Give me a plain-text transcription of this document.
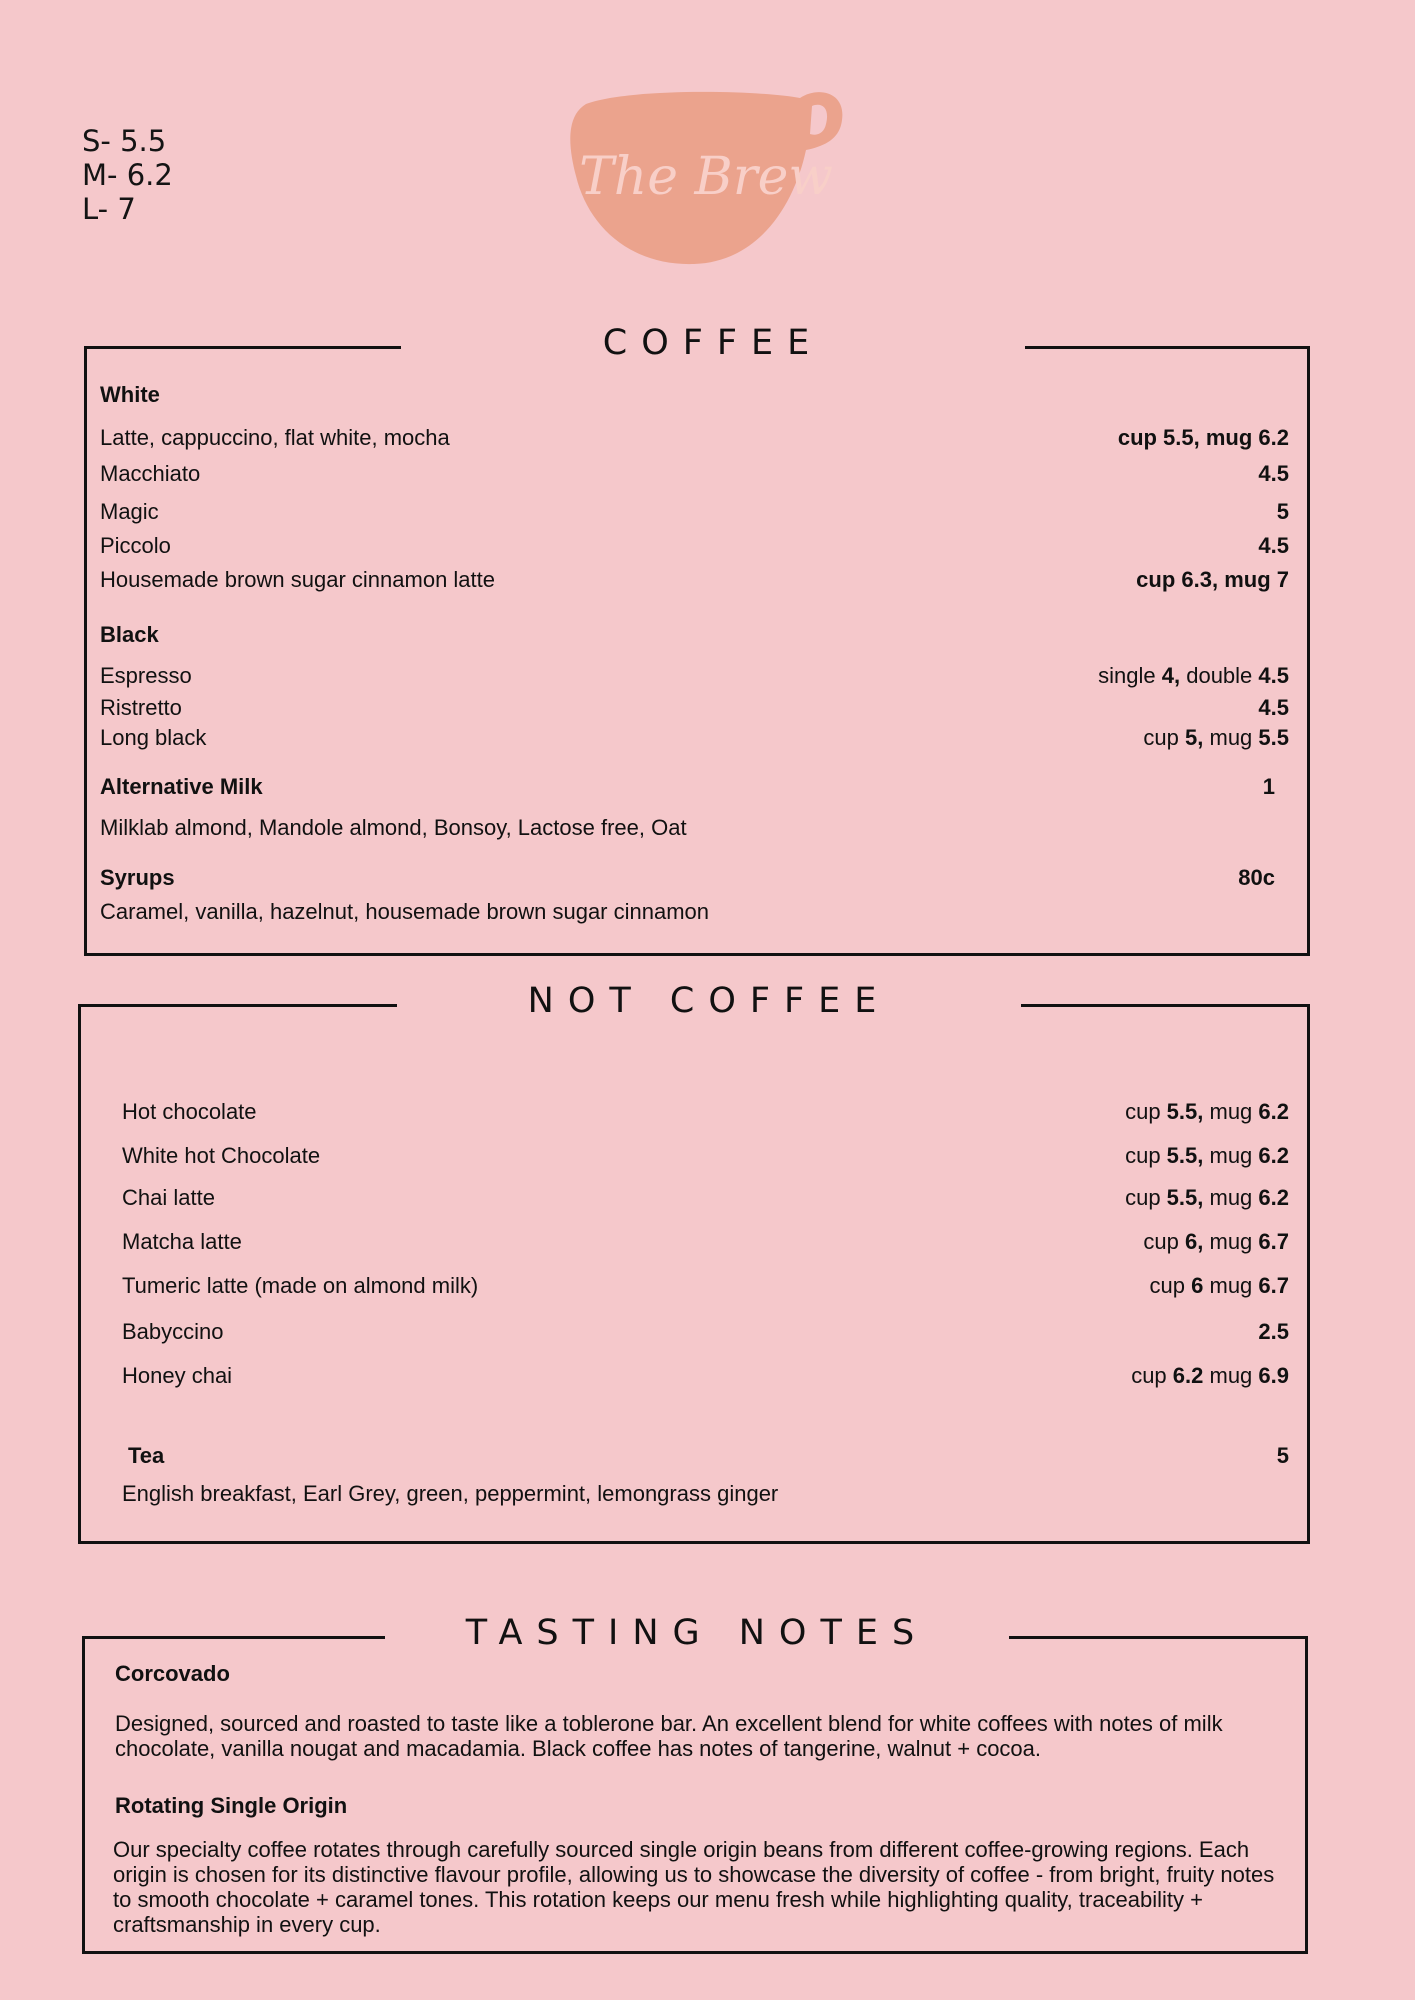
S- 5.5
M- 6.2
L- 7
The Brew
COFFEE
White
Latte, cappuccino, flat white, mocha	cup 5.5, mug 6.2
Macchiato	4.5
Magic	5
Piccolo	4.5
Housemade brown sugar cinnamon latte	cup 6.3, mug 7
Black
Espresso	single 4, double 4.5
Ristretto	4.5
Long black	cup 5, mug 5.5
Alternative Milk	1
Milklab almond, Mandole almond, Bonsoy, Lactose free, Oat
Syrups	80c
Caramel, vanilla, hazelnut, housemade brown sugar cinnamon
NOT COFFEE
Hot chocolate	cup 5.5, mug 6.2
White hot Chocolate	cup 5.5, mug 6.2
Chai latte	cup 5.5, mug 6.2
Matcha latte	cup 6, mug 6.7
Tumeric latte (made on almond milk)	cup 6 mug 6.7
Babyccino	2.5
Honey chai	cup 6.2 mug 6.9
Tea	5
English breakfast, Earl Grey, green, peppermint, lemongrass ginger
TASTING NOTES
Corcovado
Designed, sourced and roasted to taste like a toblerone bar. An excellent blend for white coffees with notes of milk chocolate, vanilla nougat and macadamia. Black coffee has notes of tangerine, walnut + cocoa.
Rotating Single Origin
Our specialty coffee rotates through carefully sourced single origin beans from different coffee-growing regions. Each origin is chosen for its distinctive flavour profile, allowing us to showcase the diversity of coffee - from bright, fruity notes to smooth chocolate + caramel tones. This rotation keeps our menu fresh while highlighting quality, traceability + craftsmanship in every cup.
